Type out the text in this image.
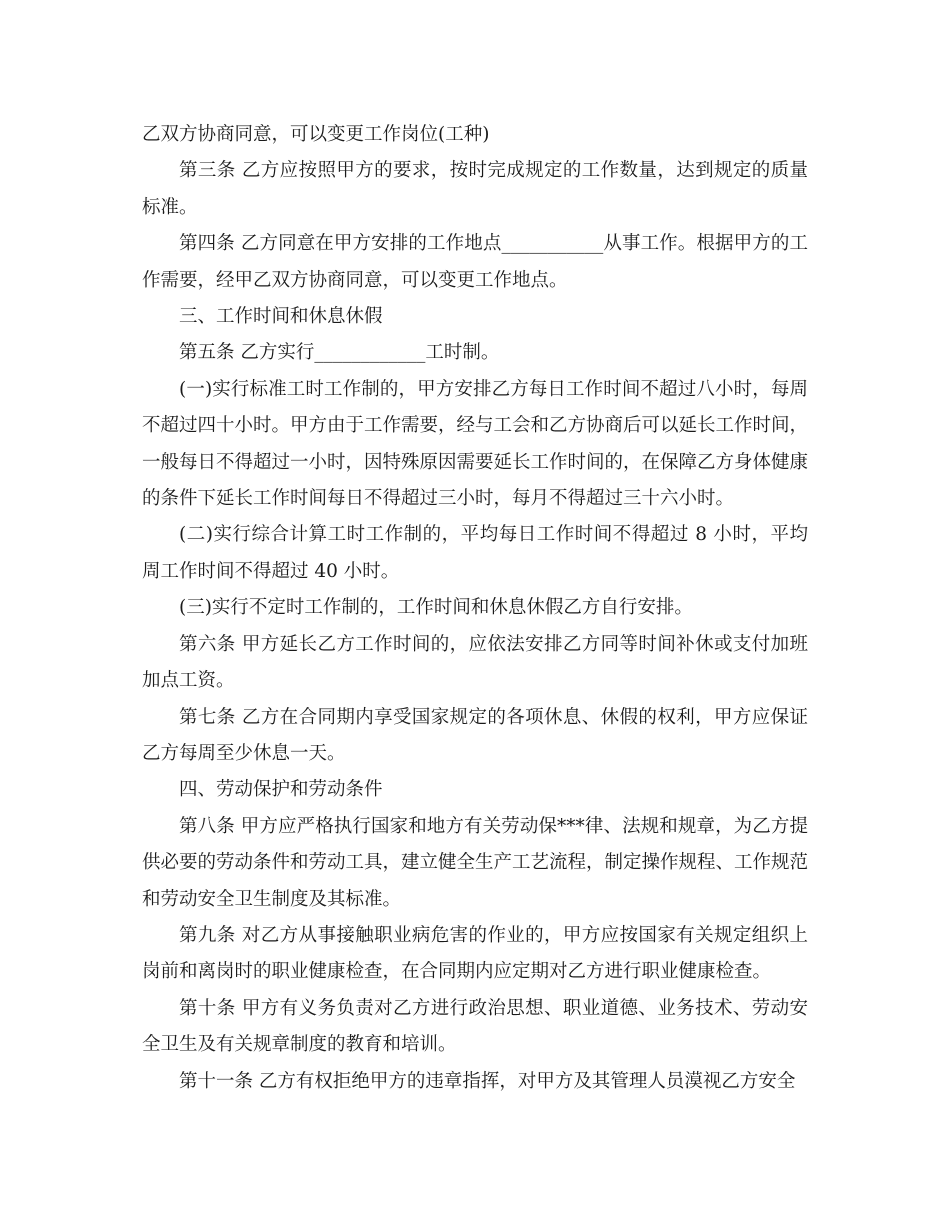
乙双方协商同意，可以变更工作岗位(工种)

第三条 乙方应按照甲方的要求，按时完成规定的工作数量，达到规定的质量标准。

第四条 乙方同意在甲方安排的工作地点___________从事工作。根据甲方的工作需要，经甲乙双方协商同意，可以变更工作地点。

三、工作时间和休息休假

第五条 乙方实行____________工时制。

(一)实行标准工时工作制的，甲方安排乙方每日工作时间不超过八小时，每周不超过四十小时。甲方由于工作需要，经与工会和乙方协商后可以延长工作时间，一般每日不得超过一小时，因特殊原因需要延长工作时间的，在保障乙方身体健康的条件下延长工作时间每日不得超过三小时，每月不得超过三十六小时。

(二)实行综合计算工时工作制的，平均每日工作时间不得超过 8 小时，平均周工作时间不得超过 40 小时。

(三)实行不定时工作制的，工作时间和休息休假乙方自行安排。

第六条 甲方延长乙方工作时间的，应依法安排乙方同等时间补休或支付加班加点工资。

第七条 乙方在合同期内享受国家规定的各项休息、休假的权利，甲方应保证乙方每周至少休息一天。

四、劳动保护和劳动条件

第八条 甲方应严格执行国家和地方有关劳动保***律、法规和规章，为乙方提供必要的劳动条件和劳动工具，建立健全生产工艺流程，制定操作规程、工作规范和劳动安全卫生制度及其标准。

第九条 对乙方从事接触职业病危害的作业的，甲方应按国家有关规定组织上岗前和离岗时的职业健康检查，在合同期内应定期对乙方进行职业健康检查。

第十条 甲方有义务负责对乙方进行政治思想、职业道德、业务技术、劳动安全卫生及有关规章制度的教育和培训。

第十一条 乙方有权拒绝甲方的违章指挥，对甲方及其管理人员漠视乙方安全
